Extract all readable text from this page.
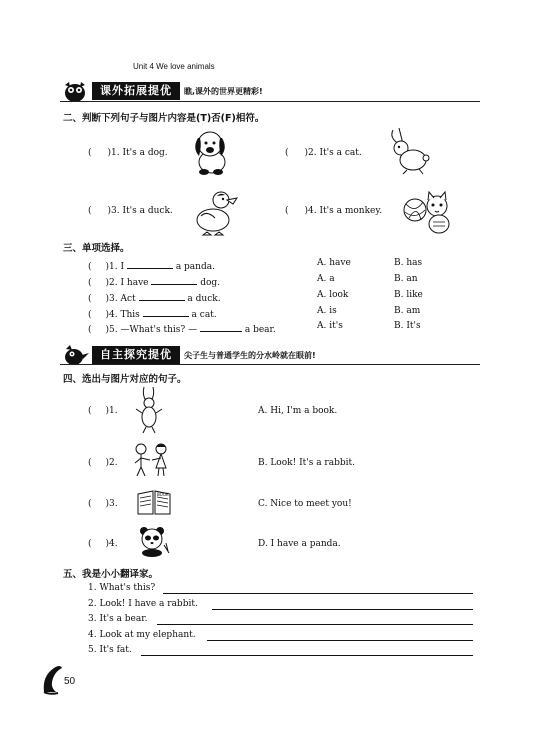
Unit 4 We love animals
课外拓展提优	瞧,课外的世界更精彩!
二、判断下列句子与图片内容是(T)否(F)相符。
( )1. It's a dog.	( )2. It's a cat.
( )3. It's a duck.	( )4. It's a monkey.
三、单项选择。
( )1. I	a panda.	A. have	B. has
( )2. I have	dog.	A. a	B. an
( )3. Act	a duck.	A. look	B. like
( )4. This	a cat.	A. is	B. am
( )5. —What's this? —	a bear.	A. it's	B. It's
自主探究提优	尖子生与普通学生的分水岭就在眼前!
四、选出与图片对应的句子。
( )1.	A. Hi, I'm a book.
( )2.	B. Look! It's a rabbit.
( )3.	C. Nice to meet you!
( )4.	D. I have a panda.
BOOK
五、我是小小翻译家。
1. What's this?
2. Look! I have a rabbit.
3. It's a bear.
4. Look at my elephant.
5. It's fat.
50
